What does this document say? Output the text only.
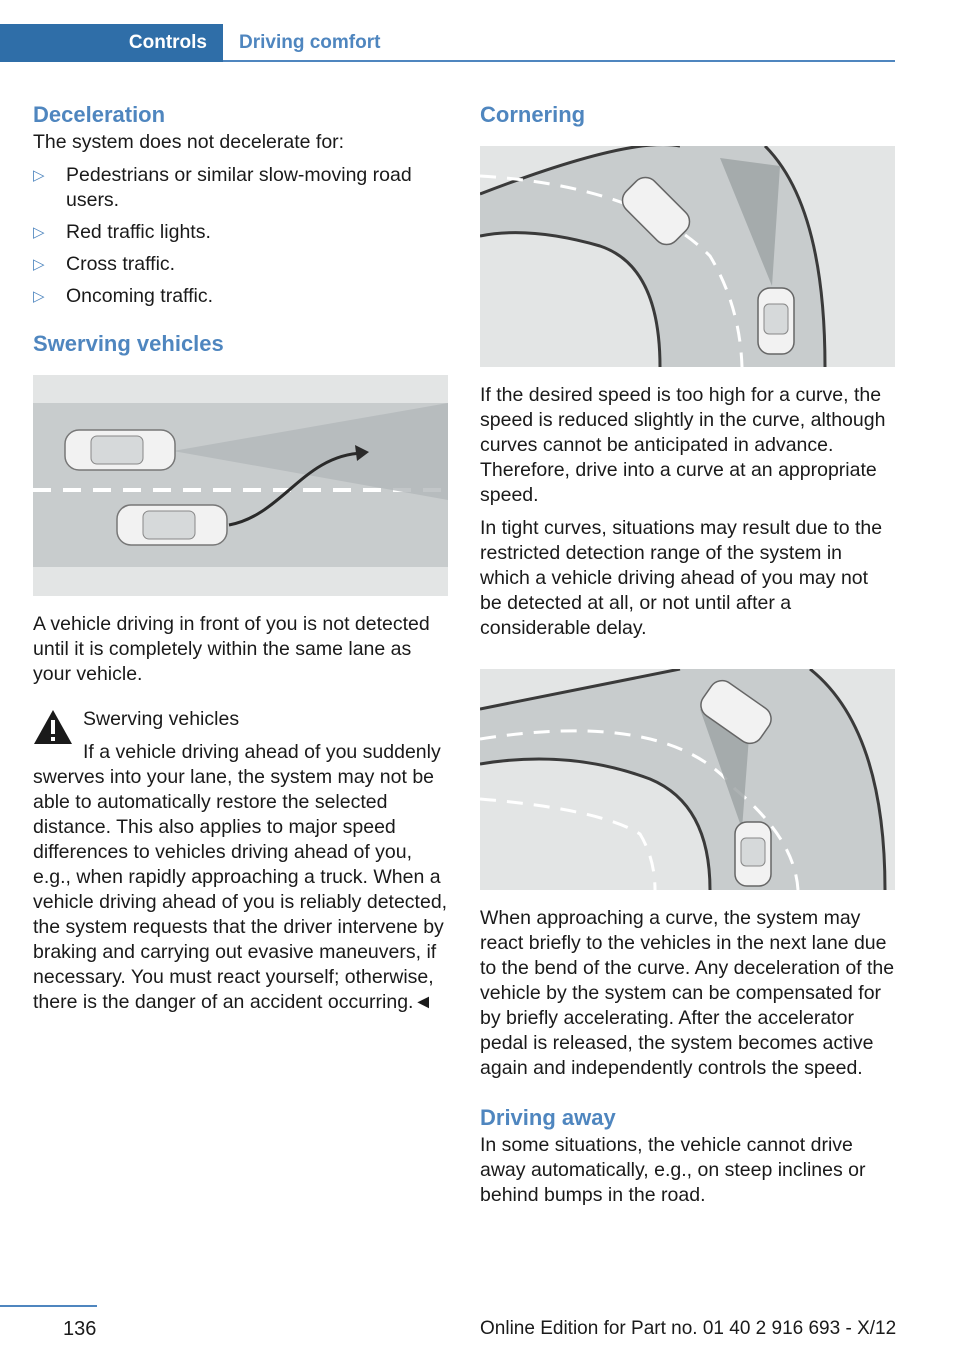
Controls	Driving comfort
Deceleration

The system does not decelerate for:

▷ Pedestrians or similar slow-moving road users.
▷ Red traffic lights.
▷ Cross traffic.
▷ Oncoming traffic.
Swerving vehicles

A vehicle driving in front of you is not detected until it is completely within the same lane as your vehicle.

Swerving vehicles

If a vehicle driving ahead of you suddenly swerves into your lane, the system may not be able to automatically restore the selected distance. This also applies to major speed differences to vehicles driving ahead of you, e.g., when rapidly approaching a truck. When a vehicle driving ahead of you is reliably detected, the system requests that the driver intervene by braking and carrying out evasive maneuvers, if necessary. You must react yourself; otherwise, there is the danger of an accident occurring.◄

Cornering

If the desired speed is too high for a curve, the speed is reduced slightly in the curve, although curves cannot be anticipated in advance. Therefore, drive into a curve at an appropriate speed.

In tight curves, situations may result due to the restricted detection range of the system in which a vehicle driving ahead of you may not be detected at all, or not until after a considerable delay.

When approaching a curve, the system may react briefly to the vehicles in the next lane due to the bend of the curve. Any deceleration of the vehicle by the system can be compensated for by briefly accelerating. After the accelerator pedal is released, the system becomes active again and independently controls the speed.

Driving away

In some situations, the vehicle cannot drive away automatically, e.g., on steep inclines or behind bumps in the road.

136	Online Edition for Part no. 01 40 2 916 693 - X/12
